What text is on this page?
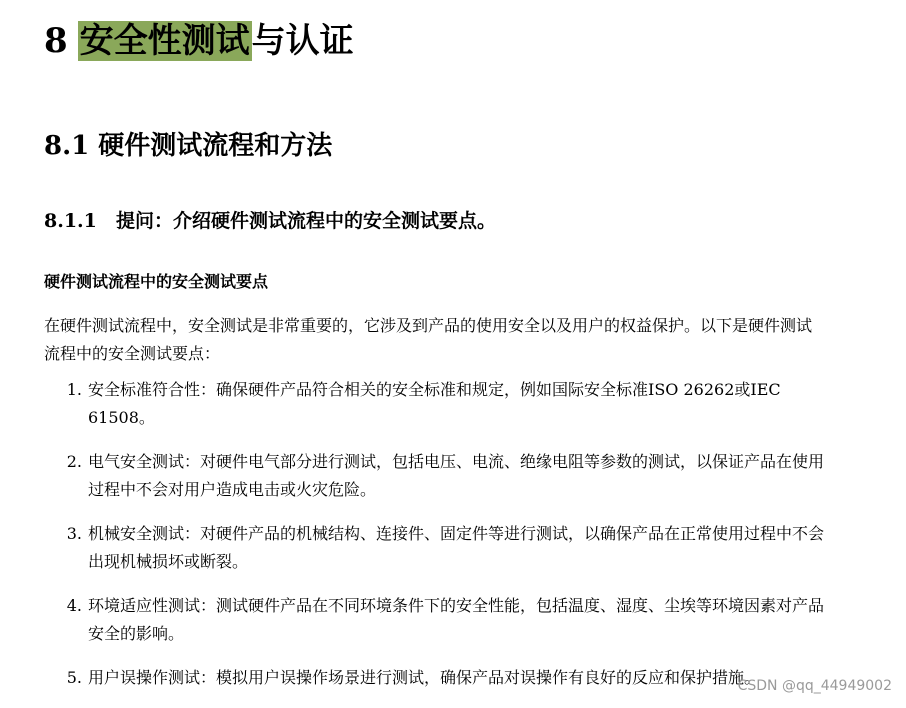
8 安全性测试与认证
8.1 硬件测试流程和方法
8.1.1	提问：介绍硬件测试流程中的安全测试要点。
硬件测试流程中的安全测试要点
在硬件测试流程中，安全测试是非常重要的，它涉及到产品的使用安全以及用户的权益保护。以下是硬件测试流程中的安全测试要点：
1. 安全标准符合性：确保硬件产品符合相关的安全标准和规定，例如国际安全标准ISO 26262或IEC 61508。
2. 电气安全测试：对硬件电气部分进行测试，包括电压、电流、绝缘电阻等参数的测试，以保证产品在使用过程中不会对用户造成电击或火灾危险。
3. 机械安全测试：对硬件产品的机械结构、连接件、固定件等进行测试，以确保产品在正常使用过程中不会出现机械损坏或断裂。
4. 环境适应性测试：测试硬件产品在不同环境条件下的安全性能，包括温度、湿度、尘埃等环境因素对产品安全的影响。
5. 用户误操作测试：模拟用户误操作场景进行测试，确保产品对误操作有良好的反应和保护措施。
CSDN @qq_44949002
